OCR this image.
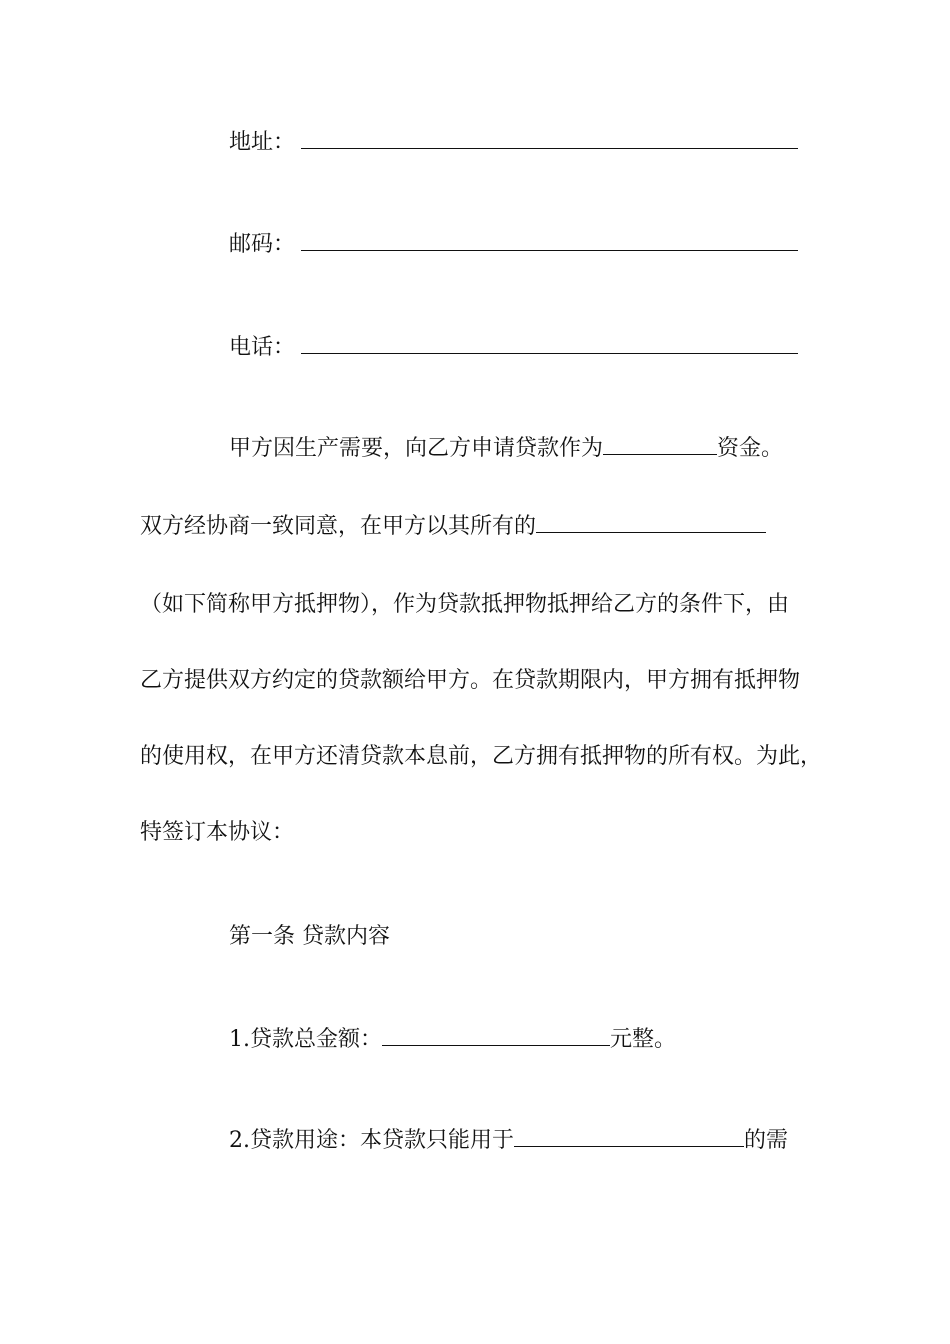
地址：
邮码：
电话：
甲方因生产需要，向乙方申请贷款作为	资金。
双方经协商一致同意，在甲方以其所有的
（如下简称甲方抵押物），作为贷款抵押物抵押给乙方的条件下，由
乙方提供双方约定的贷款额给甲方。在贷款期限内，甲方拥有抵押物
的使用权，在甲方还清贷款本息前，乙方拥有抵押物的所有权。为此，
特签订本协议：
第一条 贷款内容
1.贷款总金额：	元整。
2.贷款用途：本贷款只能用于	的需
